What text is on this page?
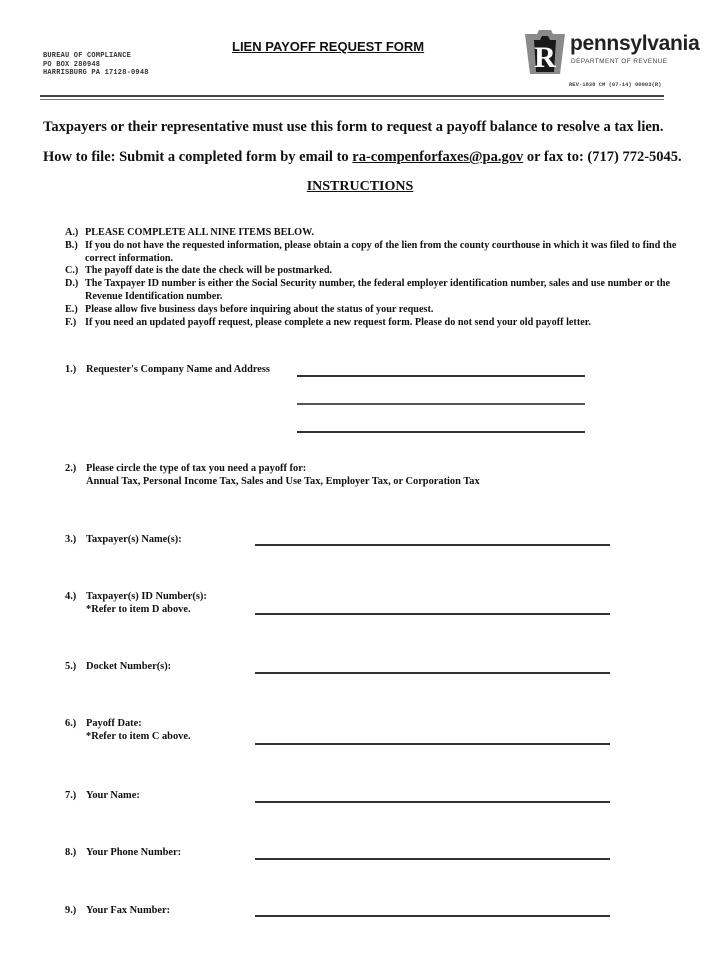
BUREAU OF COMPLIANCE
PO BOX 280948
HARRISBURG PA 17128-0948
LIEN PAYOFF REQUEST FORM	R pennsylvania
DEPARTMENT OF REVENUE
REV-1838 CM (07-14) 00003(R)
Taxpayers or their representative must use this form to request a payoff balance to resolve a tax lien.
How to file: Submit a completed form by email to ra-compenforfaxes@pa.gov or fax to: (717) 772-5045.
INSTRUCTIONS
A.) PLEASE COMPLETE ALL NINE ITEMS BELOW.
B.) If you do not have the requested information, please obtain a copy of the lien from the county courthouse in which it was filed to find the correct information.
C.) The payoff date is the date the check will be postmarked.
D.) The Taxpayer ID number is either the Social Security number, the federal employer identification number, sales and use number or the Revenue Identification number.
E.) Please allow five business days before inquiring about the status of your request.
F.) If you need an updated payoff request, please complete a new request form. Please do not send your old payoff letter.
1.) Requester's Company Name and Address
2.) Please circle the type of tax you need a payoff for:
Annual Tax, Personal Income Tax, Sales and Use Tax, Employer Tax, or Corporation Tax
3.) Taxpayer(s) Name(s):
4.) Taxpayer(s) ID Number(s):
*Refer to item D above.
5.) Docket Number(s):
6.) Payoff Date:
*Refer to item C above.
7.) Your Name:
8.) Your Phone Number:
9.) Your Fax Number:
